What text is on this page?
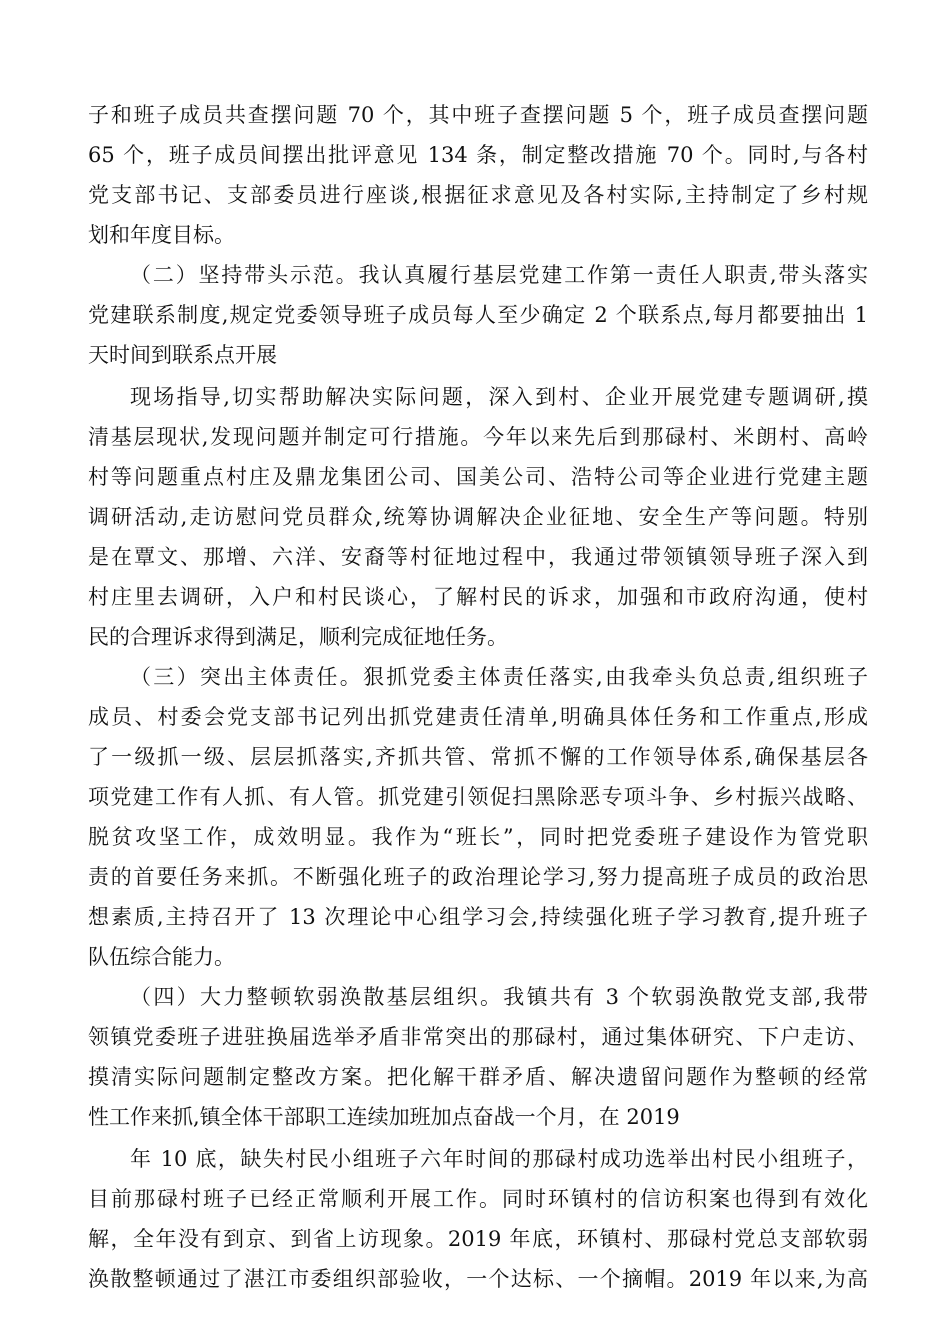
子和班子成员共查摆问题 70 个，其中班子查摆问题 5 个，班子成员查摆问题
65 个，班子成员间摆出批评意见 134 条，制定整改措施 70 个。同时,与各村
党支部书记、支部委员进行座谈,根据征求意见及各村实际,主持制定了乡村规
划和年度目标。
（二）坚持带头示范。我认真履行基层党建工作第一责任人职责,带头落实
党建联系制度,规定党委领导班子成员每人至少确定 2 个联系点,每月都要抽出 1
天时间到联系点开展
现场指导,切实帮助解决实际问题，深入到村、企业开展党建专题调研,摸
清基层现状,发现问题并制定可行措施。今年以来先后到那碌村、米朗村、高岭
村等问题重点村庄及鼎龙集团公司、国美公司、浩特公司等企业进行党建主题
调研活动,走访慰问党员群众,统筹协调解决企业征地、安全生产等问题。特别
是在覃文、那增、六洋、安裔等村征地过程中，我通过带领镇领导班子深入到
村庄里去调研，入户和村民谈心，了解村民的诉求，加强和市政府沟通，使村
民的合理诉求得到满足，顺利完成征地任务。
（三）突出主体责任。狠抓党委主体责任落实,由我牵头负总责,组织班子
成员、村委会党支部书记列出抓党建责任清单,明确具体任务和工作重点,形成
了一级抓一级、层层抓落实,齐抓共管、常抓不懈的工作领导体系,确保基层各
项党建工作有人抓、有人管。抓党建引领促扫黑除恶专项斗争、乡村振兴战略、
脱贫攻坚工作，成效明显。我作为“班长”，同时把党委班子建设作为管党职
责的首要任务来抓。不断强化班子的政治理论学习,努力提高班子成员的政治思
想素质,主持召开了 13 次理论中心组学习会,持续强化班子学习教育,提升班子
队伍综合能力。
（四）大力整顿软弱涣散基层组织。我镇共有 3 个软弱涣散党支部,我带
领镇党委班子进驻换届选举矛盾非常突出的那碌村，通过集体研究、下户走访、
摸清实际问题制定整改方案。把化解干群矛盾、解决遗留问题作为整顿的经常
性工作来抓,镇全体干部职工连续加班加点奋战一个月，在 2019
年 10 底，缺失村民小组班子六年时间的那碌村成功选举出村民小组班子，
目前那碌村班子已经正常顺利开展工作。同时环镇村的信访积案也得到有效化
解，全年没有到京、到省上访现象。2019 年底，环镇村、那碌村党总支部软弱
涣散整顿通过了湛江市委组织部验收，一个达标、一个摘帽。2019 年以来,为高
